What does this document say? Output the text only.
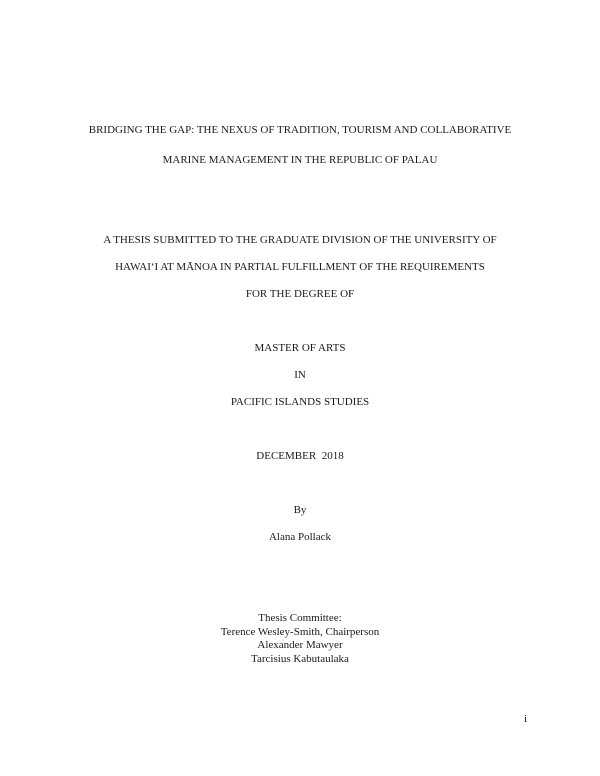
BRIDGING THE GAP: THE NEXUS OF TRADITION, TOURISM AND COLLABORATIVE
MARINE MANAGEMENT IN THE REPUBLIC OF PALAU
A THESIS SUBMITTED TO THE GRADUATE DIVISION OF THE UNIVERSITY OF
HAWAI‘I AT MĀNOA IN PARTIAL FULFILLMENT OF THE REQUIREMENTS
FOR THE DEGREE OF
MASTER OF ARTS
IN
PACIFIC ISLANDS STUDIES
DECEMBER  2018
By
Alana Pollack
Thesis Committee:
Terence Wesley-Smith, Chairperson
Alexander Mawyer
Tarcisius Kabutaulaka
i
